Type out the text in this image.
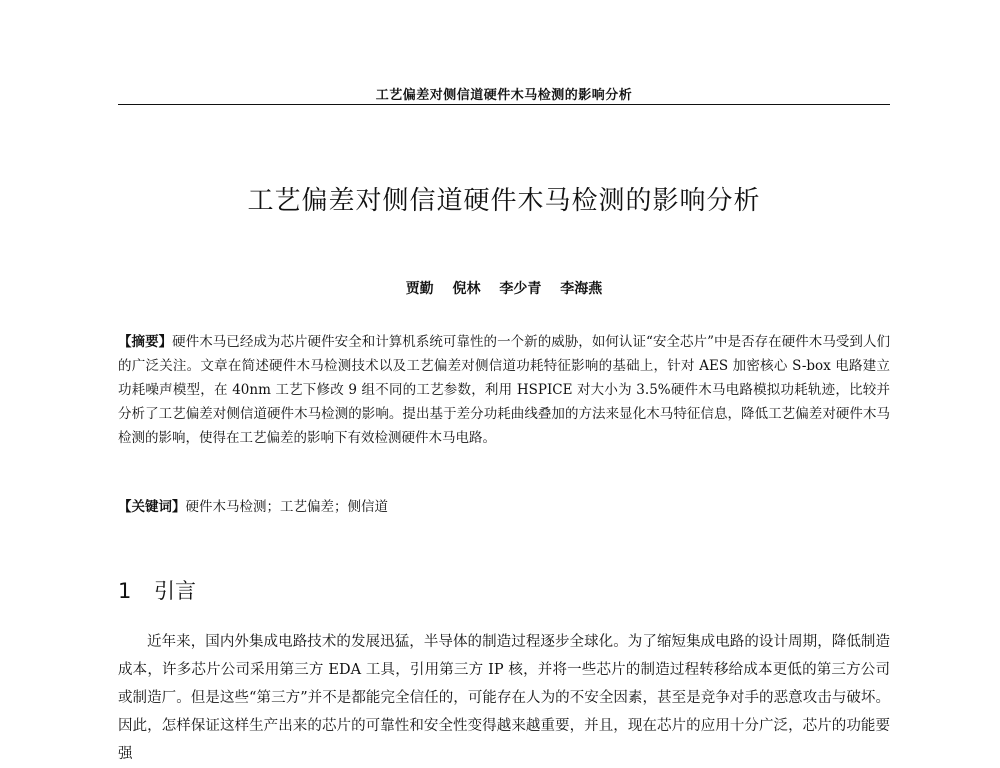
工艺偏差对侧信道硬件木马检测的影响分析
工艺偏差对侧信道硬件木马检测的影响分析
贾勤 倪林 李少青 李海燕

【摘要】硬件木马已经成为芯片硬件安全和计算机系统可靠性的一个新的威胁，如何认证“安全芯片”中是否存在硬件木马受到人们的广泛关注。文章在简述硬件木马检测技术以及工艺偏差对侧信道功耗特征影响的基础上，针对 AES 加密核心 S-box 电路建立功耗噪声模型，在 40nm 工艺下修改 9 组不同的工艺参数，利用 HSPICE 对大小为 3.5%硬件木马电路模拟功耗轨迹，比较并分析了工艺偏差对侧信道硬件木马检测的影响。提出基于差分功耗曲线叠加的方法来显化木马特征信息，降低工艺偏差对硬件木马检测的影响，使得在工艺偏差的影响下有效检测硬件木马电路。

【关键词】硬件木马检测；工艺偏差；侧信道

1 引言

近年来，国内外集成电路技术的发展迅猛，半导体的制造过程逐步全球化。为了缩短集成电路的设计周期，降低制造成本，许多芯片公司采用第三方 EDA 工具，引用第三方 IP 核，并将一些芯片的制造过程转移给成本更低的第三方公司或制造厂。但是这些“第三方”并不是都能完全信任的，可能存在人为的不安全因素，甚至是竞争对手的恶意攻击与破坏。因此，怎样保证这样生产出来的芯片的可靠性和安全性变得越来越重要，并且，现在芯片的应用十分广泛，芯片的功能要强
